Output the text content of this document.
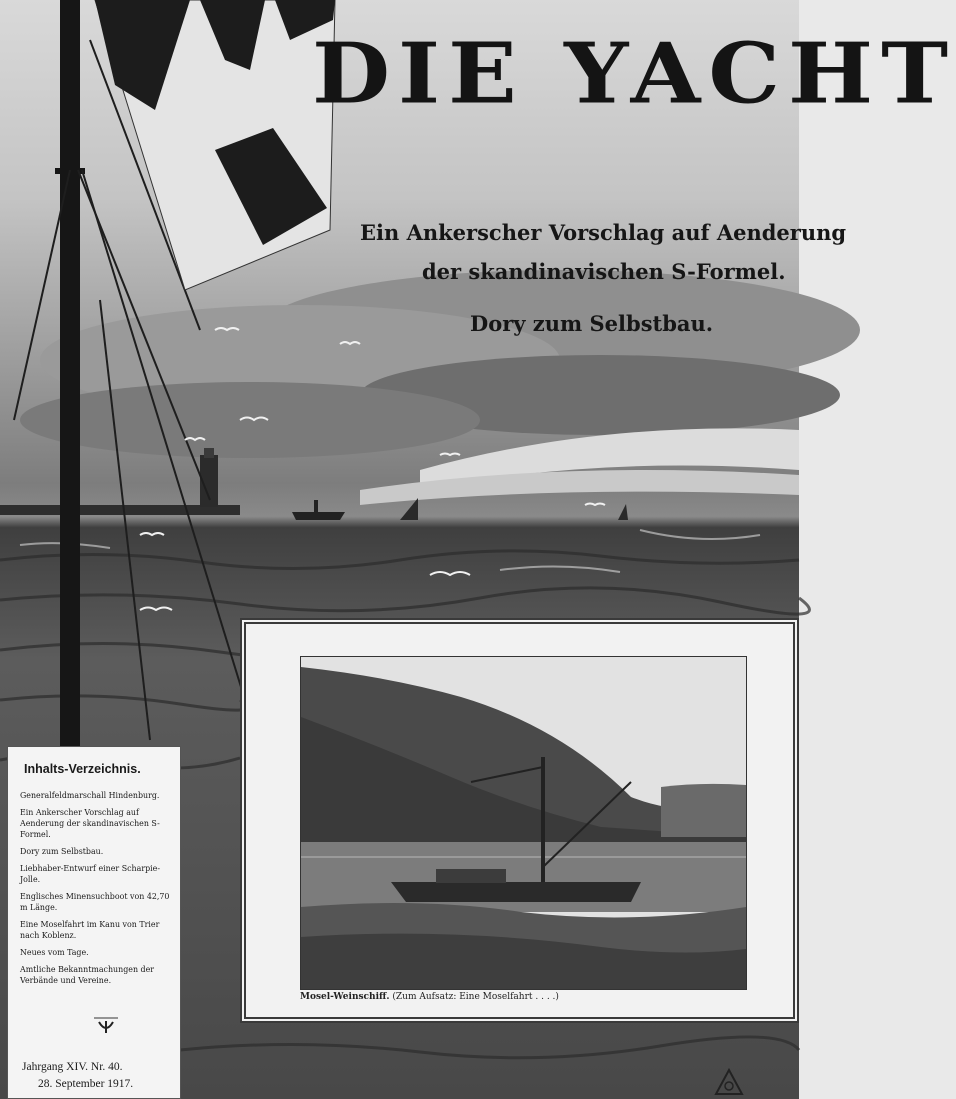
DIE YACHT

Ein Ankerscher Vorschlag auf Aenderung

der skandinavischen S-Formel.

Dory zum Selbstbau.

Mosel-Weinschiff. (Zum Aufsatz: Eine Moselfahrt . . . .)

Inhalts-Verzeichnis.

Generalfeldmarschall Hindenburg.
Ein Ankerscher Vorschlag auf Aenderung der skandinavischen S-Formel.
Dory zum Selbstbau.
Liebhaber-Entwurf einer Scharpie-Jolle.
Englisches Minensuchboot von 42,70 m Länge.
Eine Moselfahrt im Kanu von Trier nach Koblenz.
Neues vom Tage.
Amtliche Bekanntmachungen der Verbände und Vereine.
Jahrgang XIV. Nr. 40.
28. September 1917.
